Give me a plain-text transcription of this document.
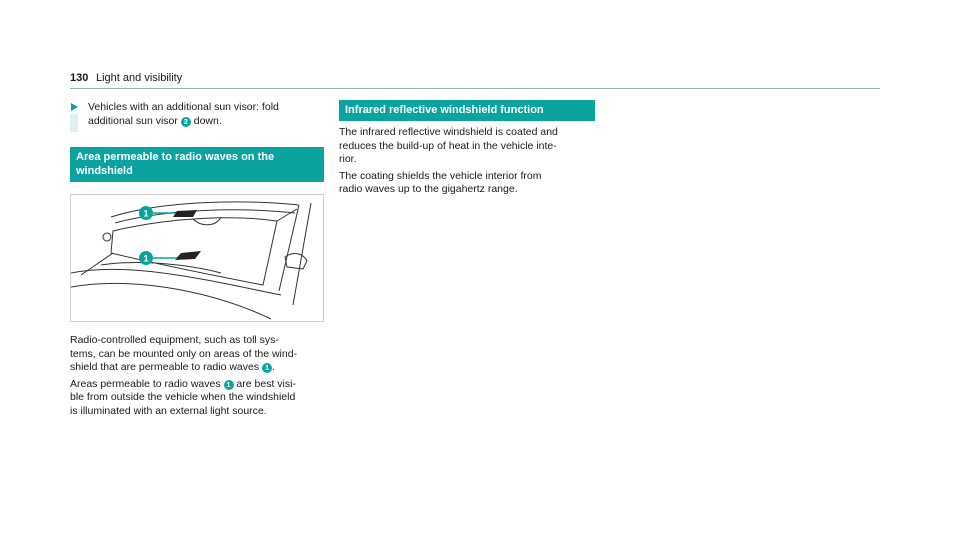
130 Light and visibility
Vehicles with an additional sun visor: fold
additional sun visor 2 down.
Area permeable to radio waves on the
windshield
1
1

Radio-controlled equipment, such as toll sys-
tems, can be mounted only on areas of the wind-
shield that are permeable to radio waves 1 .

Areas permeable to radio waves 1 are best visi-
ble from outside the vehicle when the windshield
is illuminated with an external light source.

Infrared reflective windshield function

The infrared reflective windshield is coated and
reduces the build-up of heat in the vehicle inte-
rior.

The coating shields the vehicle interior from
radio waves up to the gigahertz range.
